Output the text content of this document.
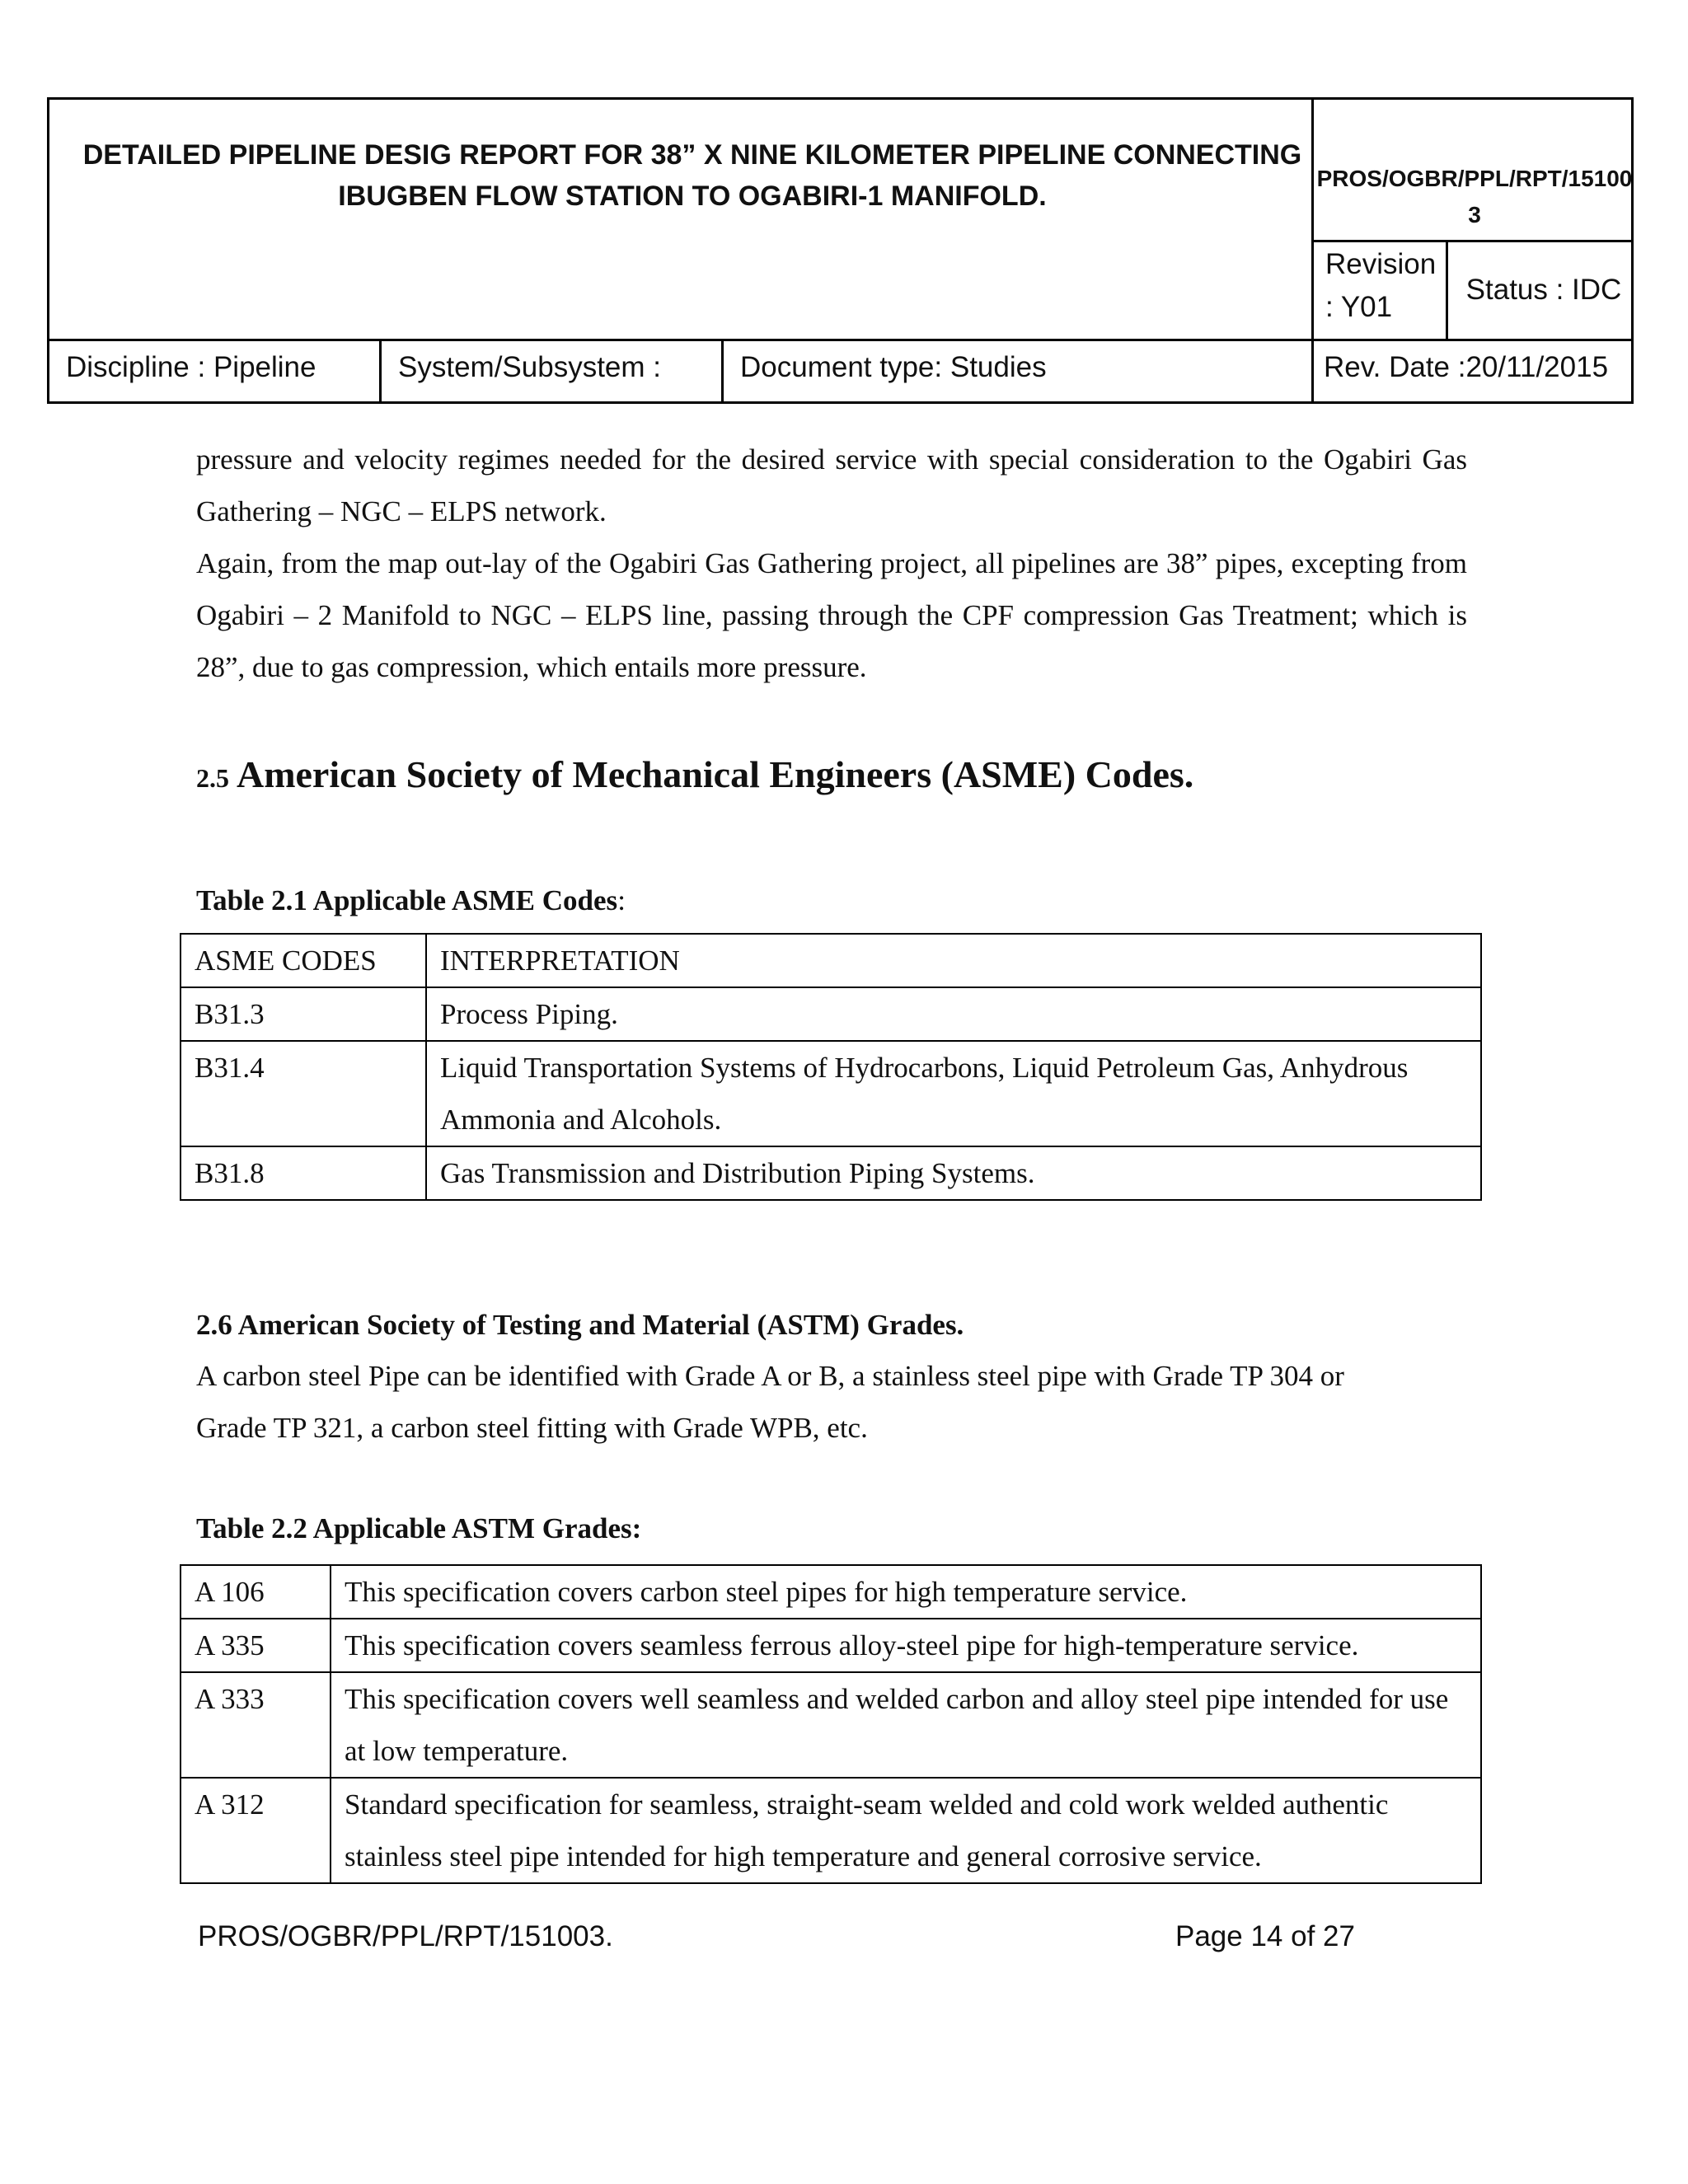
DETAILED PIPELINE DESIG REPORT FOR 38” X NINE KILOMETER PIPELINE CONNECTING IBUGBEN FLOW STATION TO OGABIRI-1 MANIFOLD.
PROS/OGBR/PPL/RPT/151003
Revision : Y01
Status : IDC
Discipline : Pipeline	System/Subsystem :	Document type: Studies	Rev. Date :20/11/2015
pressure and velocity regimes needed for the desired service with special consideration to the Ogabiri Gas
Gathering – NGC – ELPS network.
Again, from the map out-lay of the Ogabiri Gas Gathering project, all pipelines are 38” pipes, excepting from Ogabiri – 2 Manifold to NGC – ELPS line, passing through the CPF compression Gas Treatment; which is 28”, due to gas compression, which entails more pressure.
2.5 American Society of Mechanical Engineers (ASME) Codes.
Table 2.1 Applicable ASME Codes:
ASME CODES	INTERPRETATION
B31.3	Process Piping.
B31.4	Liquid Transportation Systems of Hydrocarbons, Liquid Petroleum Gas, Anhydrous Ammonia and Alcohols.
B31.8	Gas Transmission and Distribution Piping Systems.
2.6 American Society of Testing and Material (ASTM) Grades.
A carbon steel Pipe can be identified with Grade A or B, a stainless steel pipe with Grade TP 304 or
Grade TP 321, a carbon steel fitting with Grade WPB, etc.
Table 2.2 Applicable ASTM Grades:
A 106	This specification covers carbon steel pipes for high temperature service.
A 335	This specification covers seamless ferrous alloy-steel pipe for high-temperature service.
A 333	This specification covers well seamless and welded carbon and alloy steel pipe intended for use at low temperature.
A 312	Standard specification for seamless, straight-seam welded and cold work welded authentic stainless steel pipe intended for high temperature and general corrosive service.
PROS/OGBR/PPL/RPT/151003.	Page 14 of 27
